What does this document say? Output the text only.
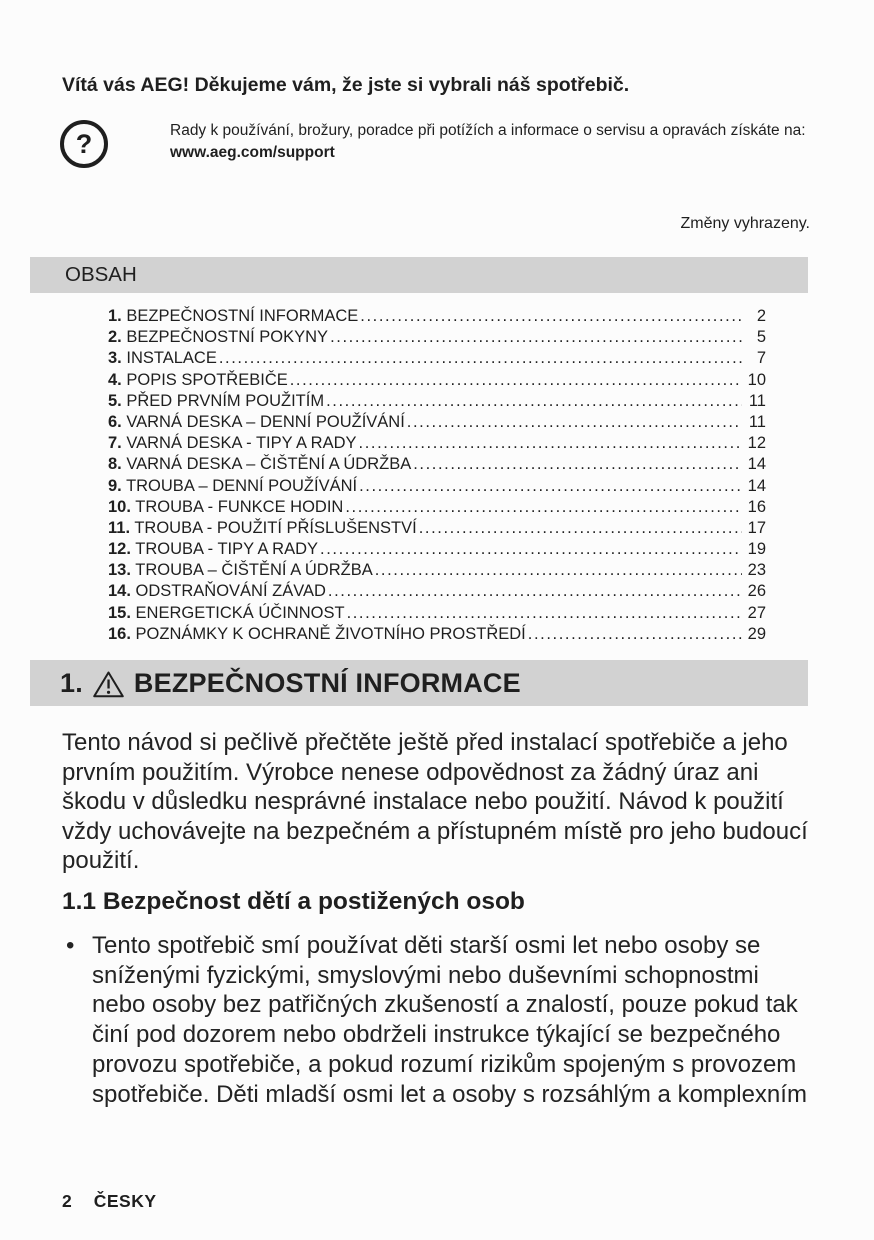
Vítá vás AEG! Děkujeme vám, že jste si vybrali náš spotřebič.
?	Rady k používání, brožury, poradce při potížích a informace o servisu a opravách získáte na:

www.aeg.com/support

Změny vyhrazeny.
OBSAH
1. BEZPEČNOSTNÍ INFORMACE .....	2
2. BEZPEČNOSTNÍ POKYNY .....	5
3. INSTALACE .....	7
4. POPIS SPOTŘEBIČE .....	10
5. PŘED PRVNÍM POUŽITÍM .....	11
6. VARNÁ DESKA – DENNÍ POUŽÍVÁNÍ .....	11
7. VARNÁ DESKA - TIPY A RADY .....	12
8. VARNÁ DESKA – ČIŠTĚNÍ A ÚDRŽBA .....	14
9. TROUBA – DENNÍ POUŽÍVÁNÍ .....	14
10. TROUBA - FUNKCE HODIN .....	16
11. TROUBA - POUŽITÍ PŘÍSLUŠENSTVÍ .....	17
12. TROUBA - TIPY A RADY .....	19
13. TROUBA – ČIŠTĚNÍ A ÚDRŽBA .....	23
14. ODSTRAŇOVÁNÍ ZÁVAD .....	26
15. ENERGETICKÁ ÚČINNOST .....	27
16. POZNÁMKY K OCHRANĚ ŽIVOTNÍHO PROSTŘEDÍ .....	29
1. BEZPEČNOSTNÍ INFORMACE

Tento návod si pečlivě přečtěte ještě před instalací spotřebiče a jeho prvním použitím. Výrobce nenese odpovědnost za žádný úraz ani škodu v důsledku nesprávné instalace nebo použití. Návod k použití vždy uchovávejte na bezpečném a přístupném místě pro jeho budoucí použití.

1.1 Bezpečnost dětí a postižených osob
• Tento spotřebič smí používat děti starší osmi let nebo osoby se sníženými fyzickými, smyslovými nebo duševními schopnostmi nebo osoby bez patřičných zkušeností a znalostí, pouze pokud tak činí pod dozorem nebo obdrželi instrukce týkající se bezpečného provozu spotřebiče, a pokud rozumí rizikům spojeným s provozem spotřebiče. Děti mladší osmi let a osoby s rozsáhlým a komplexním
2 ČESKY
